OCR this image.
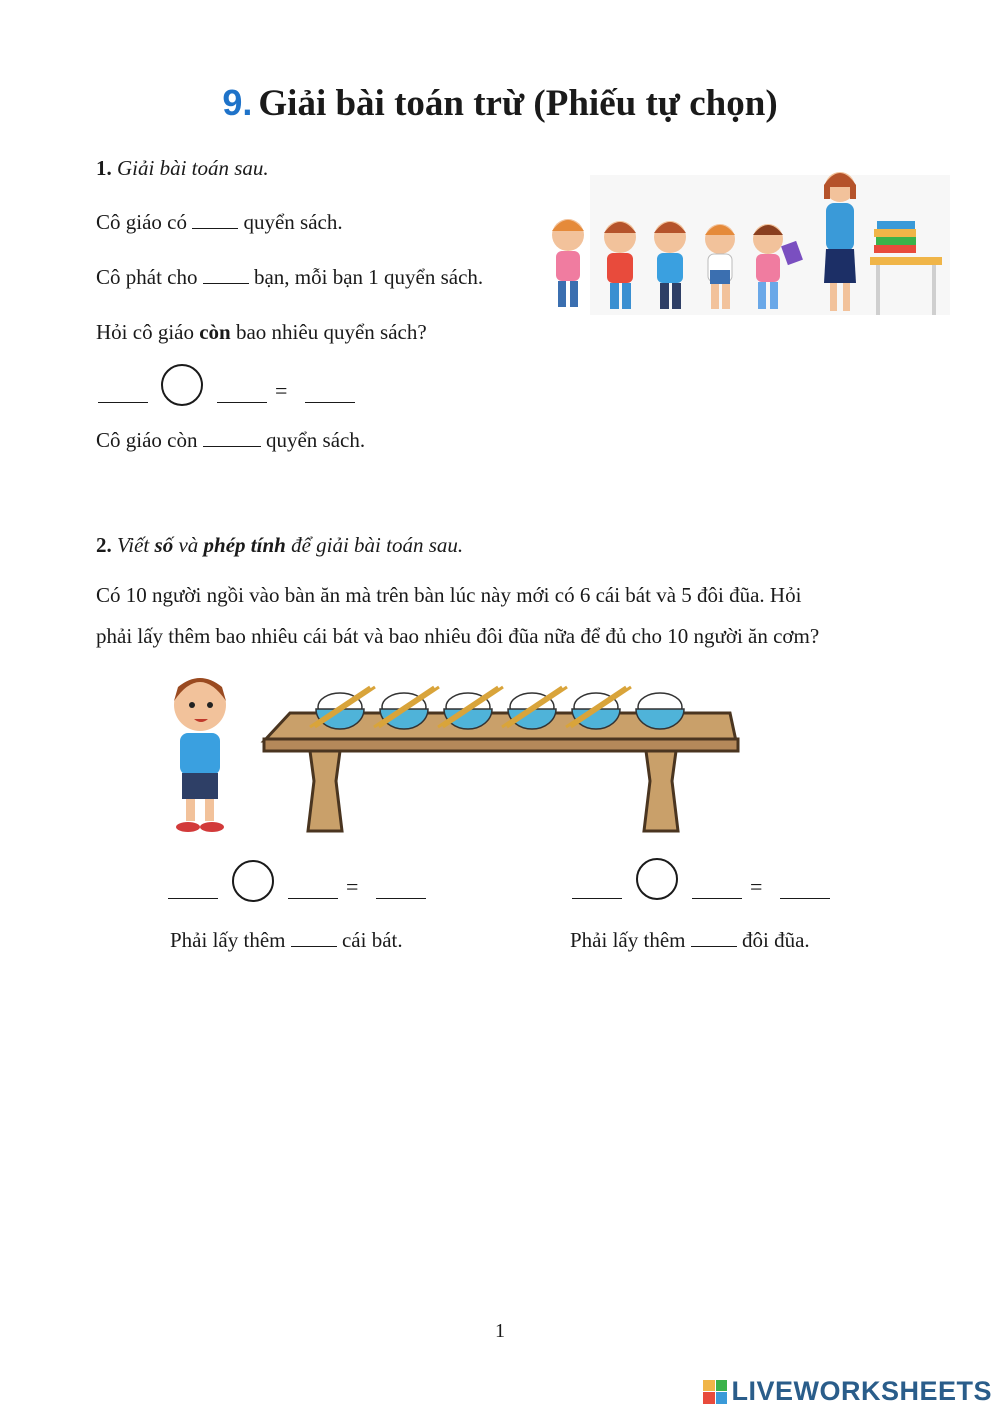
9. Giải bài toán trừ (Phiếu tự chọn)
1. Giải bài toán sau.
Cô giáo có	quyển sách.
Cô phát cho	bạn, mỗi bạn 1 quyển sách.
Hỏi cô giáo còn bao nhiêu quyển sách?
=
Cô giáo còn	quyển sách.
2. Viết số và phép tính để giải bài toán sau.
Có 10 người ngồi vào bàn ăn mà trên bàn lúc này mới có 6 cái bát và 5 đôi đũa. Hỏi
phải lấy thêm bao nhiêu cái bát và bao nhiêu đôi đũa nữa để đủ cho 10 người ăn cơm?
=	=
Phải lấy thêm	cái bát.	Phải lấy thêm	đôi đũa.
1
LIVEWORKSHEETS
